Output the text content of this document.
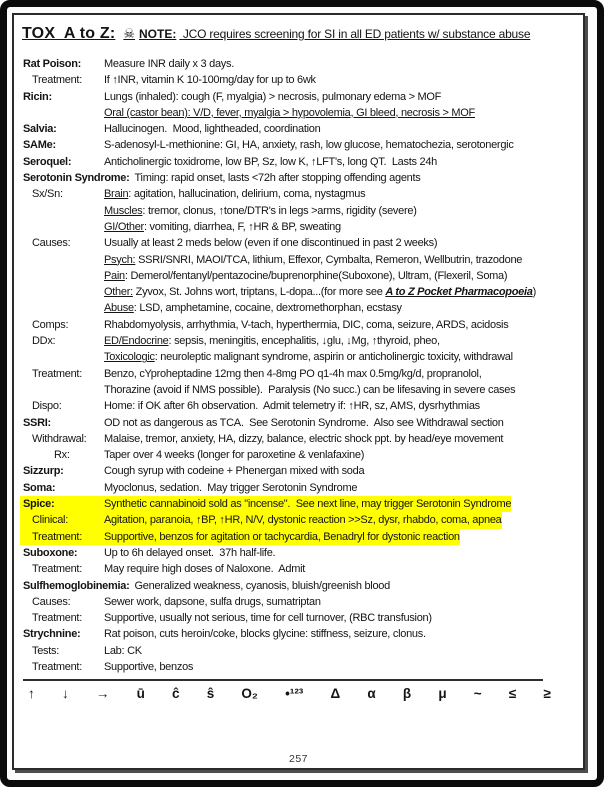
TOX  A to Z: ☠ NOTE: JCO requires screening for SI in all ED patients w/ substance abuse
Rat Poison:	Measure INR daily x 3 days.
Treatment:	If ↑INR, vitamin K 10-100mg/day for up to 6wk
Ricin:	Lungs (inhaled): cough (F, myalgia) > necrosis, pulmonary edema > MOF
Oral (castor bean): V/D, fever, myalgia > hypovolemia, GI bleed, necrosis > MOF
Salvia:	Hallucinogen.  Mood, lightheaded, coordination
SAMe:	S-adenosyl-L-methionine: GI, HA, anxiety, rash, low glucose, hematochezia, serotonergic
Seroquel:	Anticholinergic toxidrome, low BP, Sz, low K, ↑LFT's, long QT.  Lasts 24h
Serotonin Syndrome: Timing: rapid onset, lasts <72h after stopping offending agents
Sx/Sn:	Brain: agitation, hallucination, delirium, coma, nystagmus
Muscles: tremor, clonus, ↑tone/DTR's in legs >arms, rigidity (severe)
GI/Other: vomiting, diarrhea, F, ↑HR & BP, sweating
Causes:	Usually at least 2 meds below (even if one discontinued in past 2 weeks)
Psych: SSRI/SNRI, MAOI/TCA, lithium, Effexor, Cymbalta, Remeron, Wellbutrin, trazodone
Pain: Demerol/fentanyl/pentazocine/buprenorphine(Suboxone), Ultram, (Flexeril, Soma)
Other: Zyvox, St. Johns wort, triptans, L-dopa...(for more see A to Z Pocket Pharmacopoeia)
Abuse: LSD, amphetamine, cocaine, dextromethorphan, ecstasy
Comps:	Rhabdomyolysis, arrhythmia, V-tach, hyperthermia, DIC, coma, seizure, ARDS, acidosis
DDx:	ED/Endocrine: sepsis, meningitis, encephalitis, ↓glu, ↓Mg, ↑thyroid, pheo,
Toxicologic: neuroleptic malignant syndrome, aspirin or anticholinergic toxicity, withdrawal
Treatment:	Benzo, cYproheptadine 12mg then 4-8mg PO q1-4h max 0.5mg/kg/d, propranolol,
Thorazine (avoid if NMS possible).  Paralysis (No succ.) can be lifesaving in severe cases
Dispo:	Home: if OK after 6h observation.  Admit telemetry if: ↑HR, sz, AMS, dysrhythmias
SSRI:	OD not as dangerous as TCA.  See Serotonin Syndrome.  Also see Withdrawal section
Withdrawal:	Malaise, tremor, anxiety, HA, dizzy, balance, electric shock ppt. by head/eye movement
Rx:	Taper over 4 weeks (longer for paroxetine & venlafaxine)
Sizzurp:	Cough syrup with codeine + Phenergan mixed with soda
Soma:	Myoclonus, sedation.  May trigger Serotonin Syndrome
Spice:	Synthetic cannabinoid sold as "incense".  See next line, may trigger Serotonin Syndrome
Clinical:	Agitation, paranoia, ↑BP, ↑HR, N/V, dystonic reaction >>Sz, dysr, rhabdo, coma, apnea
Treatment:	Supportive, benzos for agitation or tachycardia, Benadryl for dystonic reaction
Suboxone:	Up to 6h delayed onset.  37h half-life.
Treatment:	May require high doses of Naloxone.  Admit
Sulfhemoglobinemia: Generalized weakness, cyanosis, bluish/greenish blood
Causes:	Sewer work, dapsone, sulfa drugs, sumatriptan
Treatment:	Supportive, usually not serious, time for cell turnover, (RBC transfusion)
Strychnine:	Rat poison, cuts heroin/coke, blocks glycine: stiffness, seizure, clonus.
Tests:	Lab: CK
Treatment:	Supportive, benzos
↑ ↓ → ū ĉ ŝ O₂ •¹²³ Δ α β μ ~ ≤ ≥
257
